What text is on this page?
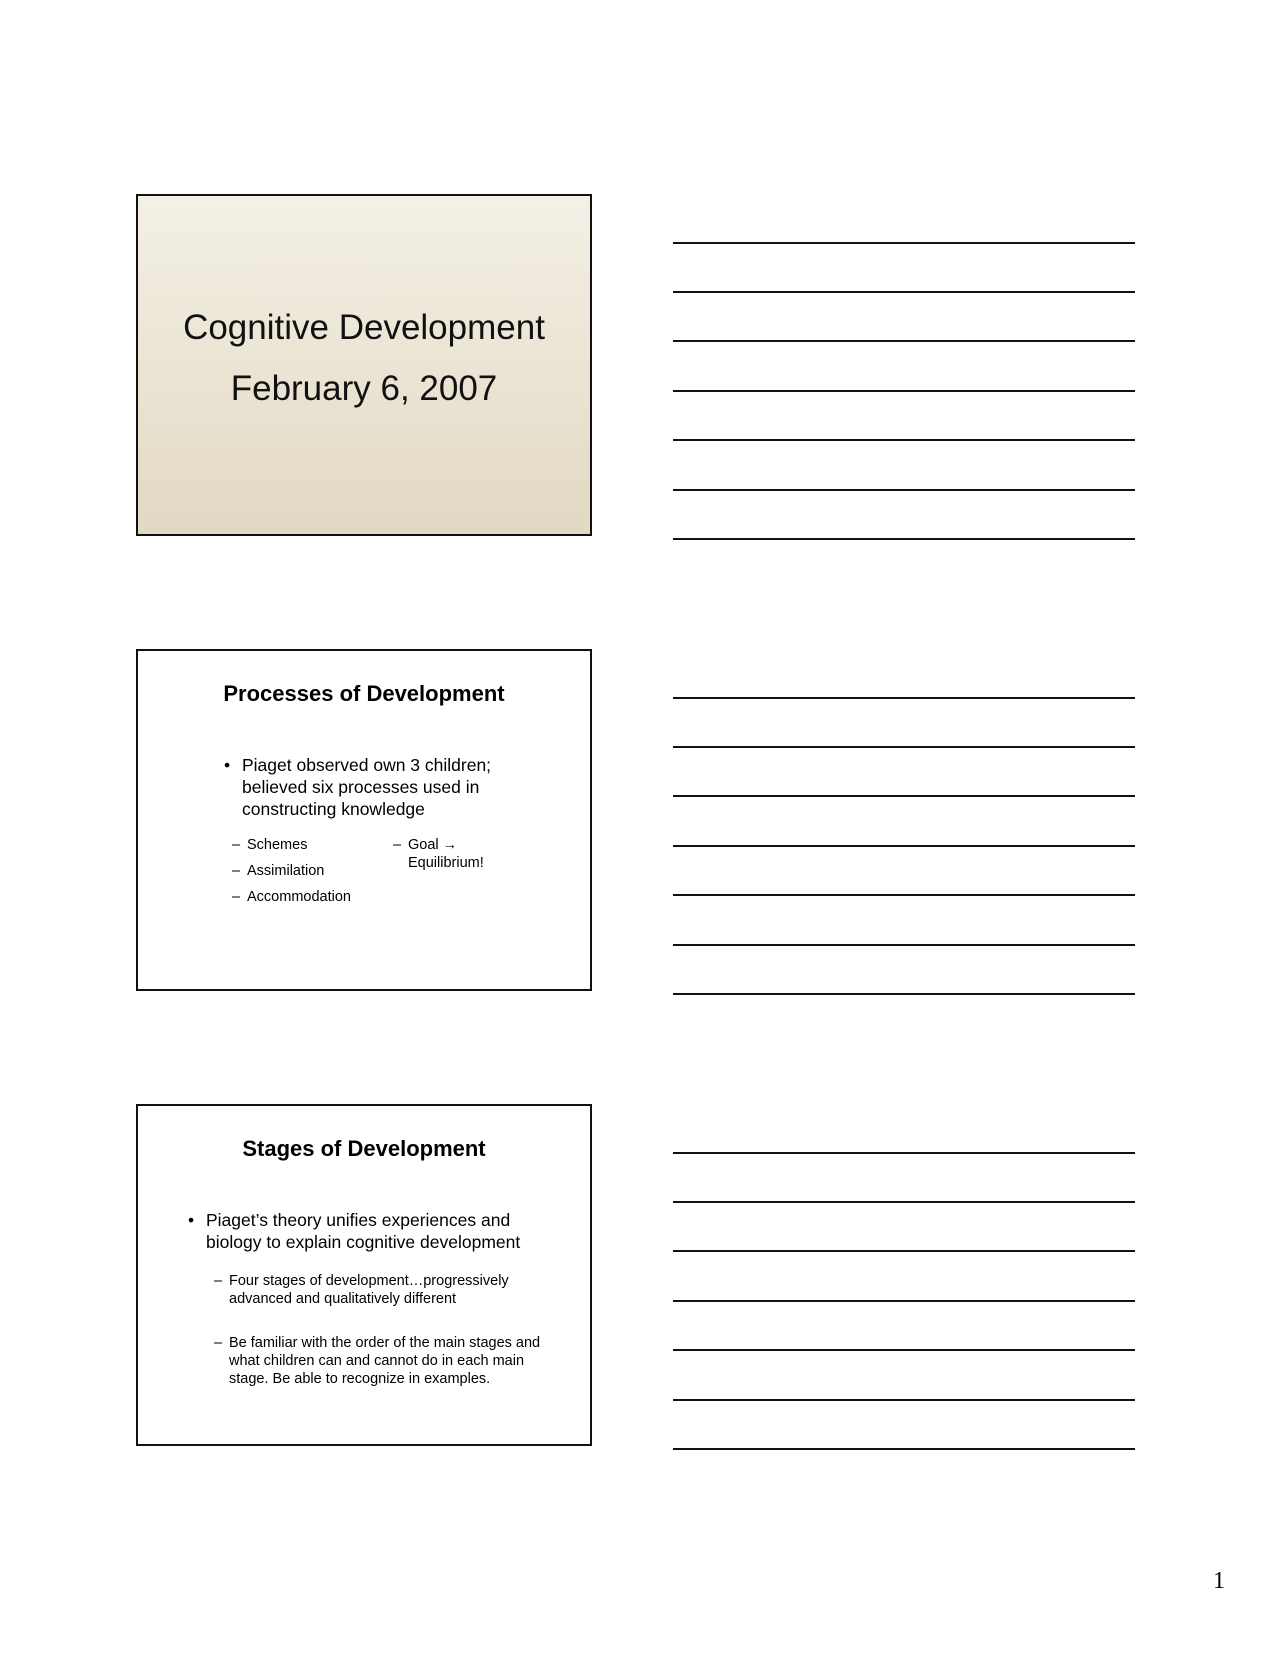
Cognitive Development
February 6, 2007
Processes of Development
• Piaget observed own 3 children; believed six processes used in constructing knowledge
– Schemes
– Assimilation
– Accommodation
– Goal →
Equilibrium!
Stages of Development
• Piaget’s theory unifies experiences and biology to explain cognitive development
– Four stages of development…progressively advanced and qualitatively different
– Be familiar with the order of the main stages and what children can and cannot do in each main stage. Be able to recognize in examples.
1
